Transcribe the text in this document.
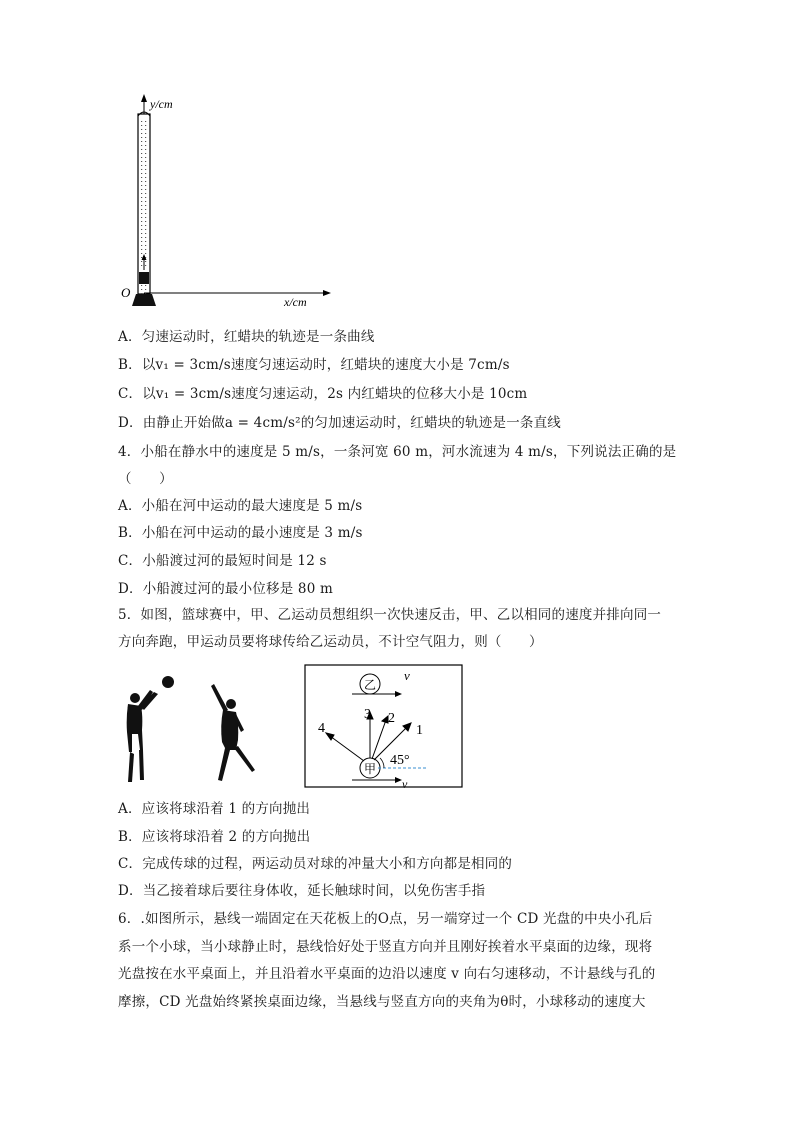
y/cm
x/cm
O
A．匀速运动时，红蜡块的轨迹是一条曲线
B．以v₁ = 3cm/s速度匀速运动时，红蜡块的速度大小是 7cm/s
C．以v₁ = 3cm/s速度匀速运动，2s 内红蜡块的位移大小是 10cm
D．由静止开始做a = 4cm/s²的匀加速运动时，红蜡块的轨迹是一条直线
4．小船在静水中的速度是 5 m/s，一条河宽 60 m，河水流速为 4 m/s，下列说法正确的是
（　　）
A．小船在河中运动的最大速度是 5 m/s
B．小船在河中运动的最小速度是 3 m/s
C．小船渡过河的最短时间是 12 s
D．小船渡过河的最小位移是 80 m
5．如图，篮球赛中，甲、乙运动员想组织一次快速反击，甲、乙以相同的速度并排向同一
方向奔跑，甲运动员要将球传给乙运动员，不计空气阻力，则（　　）
乙
v
甲
v
1
2
3
4
45°
A．应该将球沿着 1 的方向抛出
B．应该将球沿着 2 的方向抛出
C．完成传球的过程，两运动员对球的冲量大小和方向都是相同的
D．当乙接着球后要往身体收，延长触球时间，以免伤害手指
6．.如图所示，悬线一端固定在天花板上的O点，另一端穿过一个 CD 光盘的中央小孔后
系一个小球，当小球静止时，悬线恰好处于竖直方向并且刚好挨着水平桌面的边缘，现将
光盘按在水平桌面上，并且沿着水平桌面的边沿以速度 v 向右匀速移动，不计悬线与孔的
摩擦，CD 光盘始终紧挨桌面边缘，当悬线与竖直方向的夹角为θ时，小球移动的速度大
